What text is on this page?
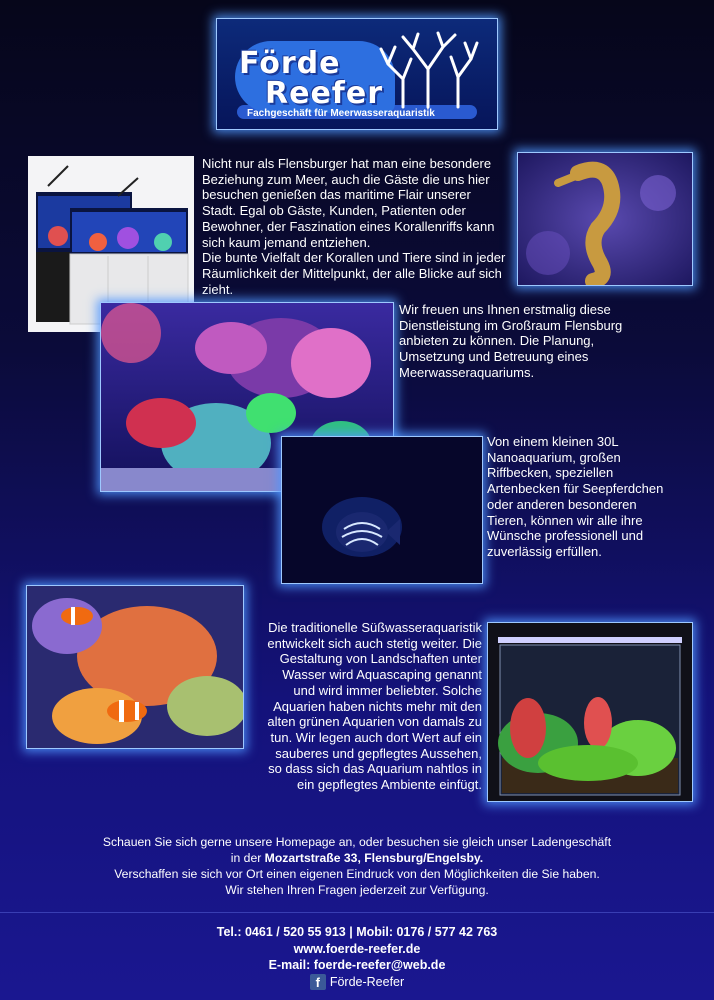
Förde
Reefer
Fachgeschäft für Meerwasseraquaristik
Nicht nur als Flensburger hat man eine besondere Beziehung zum Meer, auch die Gäste die uns hier besuchen genießen das maritime Flair unserer Stadt. Egal ob Gäste, Kunden, Patienten oder Bewohner, der Faszination eines Korallenriffs kann sich kaum jemand entziehen.
Die bunte Vielfalt der Korallen und Tiere sind in jeder Räumlichkeit der Mittelpunkt, der alle Blicke auf sich zieht.
Wir freuen uns Ihnen erstmalig diese Dienstleistung im Großraum Flensburg anbieten zu können. Die Planung, Umsetzung und Betreuung eines Meerwasseraquariums.
Von einem kleinen 30L Nanoaquarium, großen Riffbecken, speziellen Artenbecken für Seepferdchen oder anderen besonderen Tieren, können wir alle ihre Wünsche professionell und zuverlässig erfüllen.
Die traditionelle Süßwasseraquaristik entwickelt sich auch stetig weiter. Die Gestaltung von Landschaften unter Wasser wird Aquascaping genannt und wird immer beliebter. Solche Aquarien haben nichts mehr mit den alten grünen Aquarien von damals zu tun. Wir legen auch dort Wert auf ein sauberes und gepflegtes Aussehen, so dass sich das Aquarium nahtlos in ein gepflegtes Ambiente einfügt.
Schauen Sie sich gerne unsere Homepage an, oder besuchen sie gleich unser Ladengeschäft
in der Mozartstraße 33, Flensburg/Engelsby.
Verschaffen sie sich vor Ort einen eigenen Eindruck von den Möglichkeiten die Sie haben.
Wir stehen Ihren Fragen jederzeit zur Verfügung.
Tel.: 0461 / 520 55 913 | Mobil: 0176 / 577 42 763
www.foerde-reefer.de
E-mail: foerde-reefer@web.de
f Förde-Reefer
